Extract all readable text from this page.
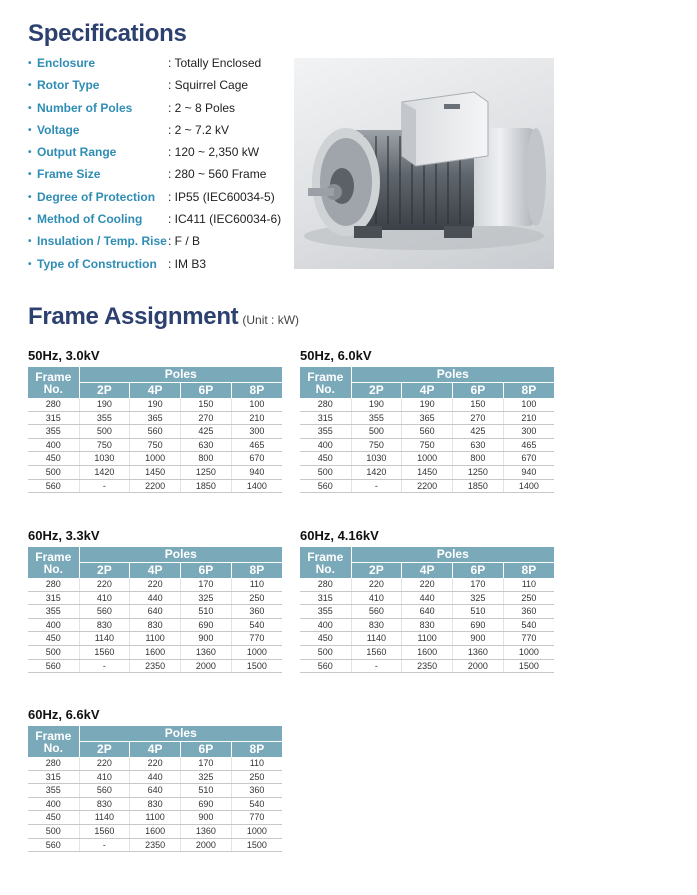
Specifications
• Enclosure	: Totally Enclosed
• Rotor Type	: Squirrel Cage
• Number of Poles	: 2 ~ 8 Poles
• Voltage	: 2 ~ 7.2 kV
• Output Range	: 120 ~ 2,350 kW
• Frame Size	: 280 ~ 560 Frame
• Degree of Protection : IP55 (IEC60034-5)
• Method of Cooling : IC411 (IEC60034-6)
• Insulation / Temp. Rise : F / B
• Type of Construction : IM B3
Frame Assignment (Unit : kW)
50Hz, 3.0kV
Frame No.	Poles			
	2P	4P	6P	8P
280	190	190	150	100
315	355	365	270	210
355	500	560	425	300
400	750	750	630	465
450	1030	1000	800	670
500	1420	1450	1250	940
560	-	2200	1850	1400
50Hz, 6.0kV
Frame No.	Poles			
	2P	4P	6P	8P
280	190	190	150	100
315	355	365	270	210
355	500	560	425	300
400	750	750	630	465
450	1030	1000	800	670
500	1420	1450	1250	940
560	-	2200	1850	1400
60Hz, 3.3kV
Frame No.	Poles			
	2P	4P	6P	8P
280	220	220	170	110
315	410	440	325	250
355	560	640	510	360
400	830	830	690	540
450	1140	1100	900	770
500	1560	1600	1360	1000
560	-	2350	2000	1500
60Hz, 4.16kV
Frame No.	Poles			
	2P	4P	6P	8P
280	220	220	170	110
315	410	440	325	250
355	560	640	510	360
400	830	830	690	540
450	1140	1100	900	770
500	1560	1600	1360	1000
560	-	2350	2000	1500
60Hz, 6.6kV
Frame No.	Poles			
	2P	4P	6P	8P
280	220	220	170	110
315	410	440	325	250
355	560	640	510	360
400	830	830	690	540
450	1140	1100	900	770
500	1560	1600	1360	1000
560	-	2350	2000	1500
